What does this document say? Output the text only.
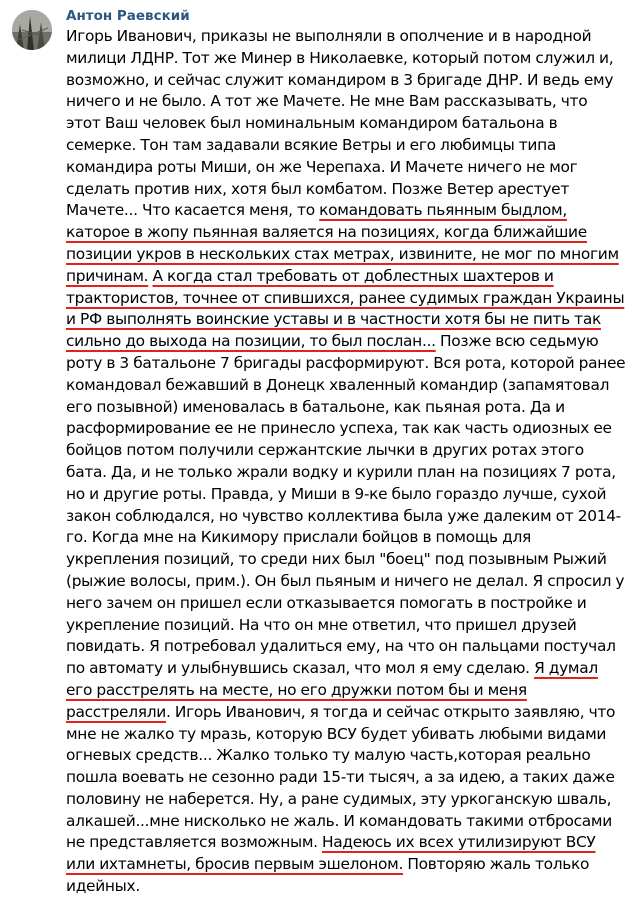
Антон Раевский
Игорь Иванович, приказы не выполняли в ополчение и в народной милици ЛДНР. Тот же Минер в Николаевке, который потом служил и, возможно, и сейчас служит командиром в 3 бригаде ДНР. И ведь ему ничего и не было. А тот же Мачете. Не мне Вам рассказывать, что этот Ваш человек был номинальным командиром батальона в семерке. Тон там задавали всякие Ветры и его любимцы типа командира роты Миши, он же Черепаха. И Мачете ничего не мог сделать против них, хотя был комбатом. Позже Ветер арестует Мачете... Что касается меня, то командовать пьянным быдлом, катороe в жопу пьянная валяется на позициях, когда ближайшие позиции укров в нескольких стах метрах, извините, не мог по многим причинам. А когда стал требовать от доблестных шахтеров и трактористов, точнее от спившихся, ранее судимых граждан Украины и РФ выполнять воинские уставы и в частности хотя бы не пить так сильно до выхода на позиции, то был послан... Позже всю седьмую роту в 3 батальоне 7 бригады расформируют. Вся рота, которой ранее командовал бежавший в Донецк хваленный командир (запамятовал его позывной) именовалась в батальоне, как пьяная рота. Да и расформирование ее не принесло успеха, так как часть одиозных ее бойцов потом получили сержантские лычки в других ротах этого бата. Да, и не только жрали водку и курили план на позициях 7 рота, но и другие роты. Правда, у Миши в 9-ке было гораздо лучше, сухой закон соблюдался, но чувство коллектива была уже далеким от 2014-го. Когда мне на Кикимору прислали бойцов в помощь для укрепления позиций, то среди них был "боец" под позывным Рыжий (рыжие волосы, прим.). Он был пьяным и ничего не делал. Я спросил у него зачем он пришел если отказывается помогать в постройке и укрепление позиций. На что он мне ответил, что пришел друзей повидать. Я потребовал удалиться ему, на что он пальцами постучал по автомату и улыбнувшись сказал, что мол я ему сделаю. Я думал его расстрелять на месте, но его дружки потом бы и меня расстреляли. Игорь Иванович, я тогда и сейчас открыто заявляю, что мне не жалко ту мразь, которую ВСУ будет убивать любыми видами огневых средств... Жалко только ту малую часть,которая реально пошла воевать не сезонно ради 15-ти тысяч, а за идею, а таких даже половину не наберется. Ну, а ране судимых, эту уркоганскую швaль, алкашей...мне нисколько не жаль. И командовать такими отбросами не представляется возможным. Надеюсь их всех утилизируют ВСУ или ихтамнеты, бросив первым эшелоном. Повторяю жаль только идейных.
